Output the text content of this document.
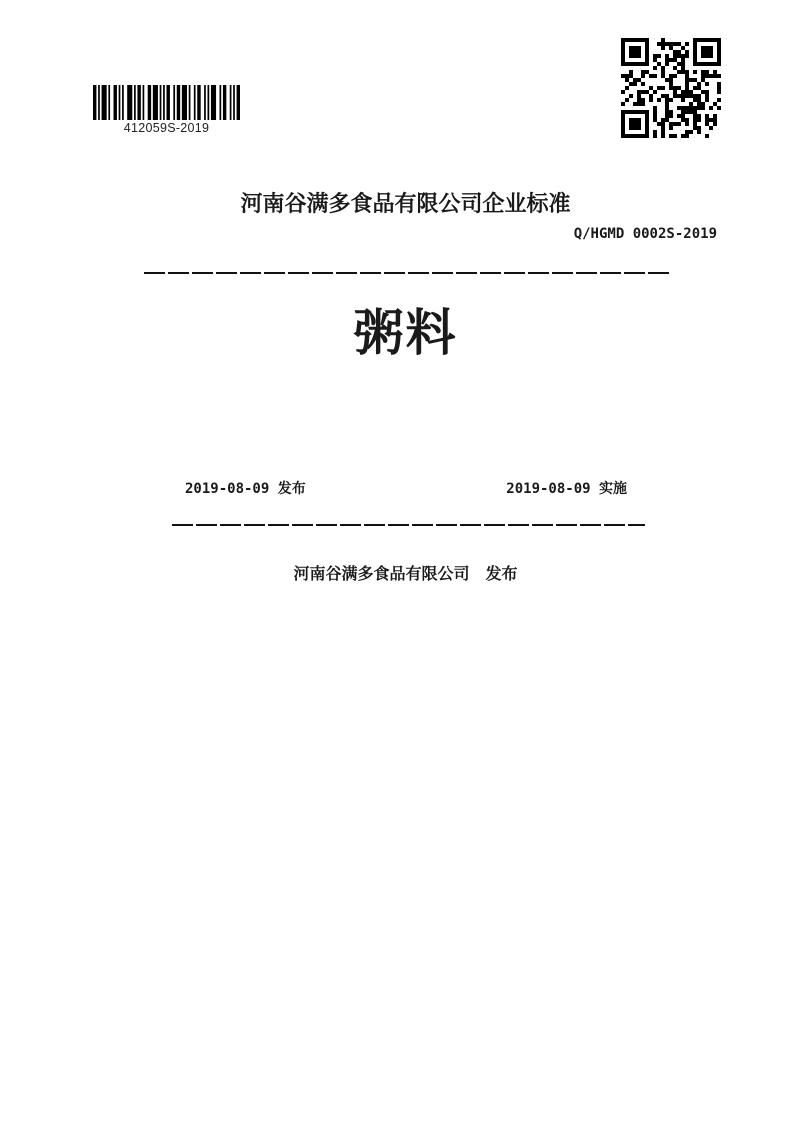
412059S-2019
河南谷满多食品有限公司企业标准
Q/HGMD 0002S-2019
粥料
2019-08-09 发布	2019-08-09 实施
河南谷满多食品有限公司　发布
